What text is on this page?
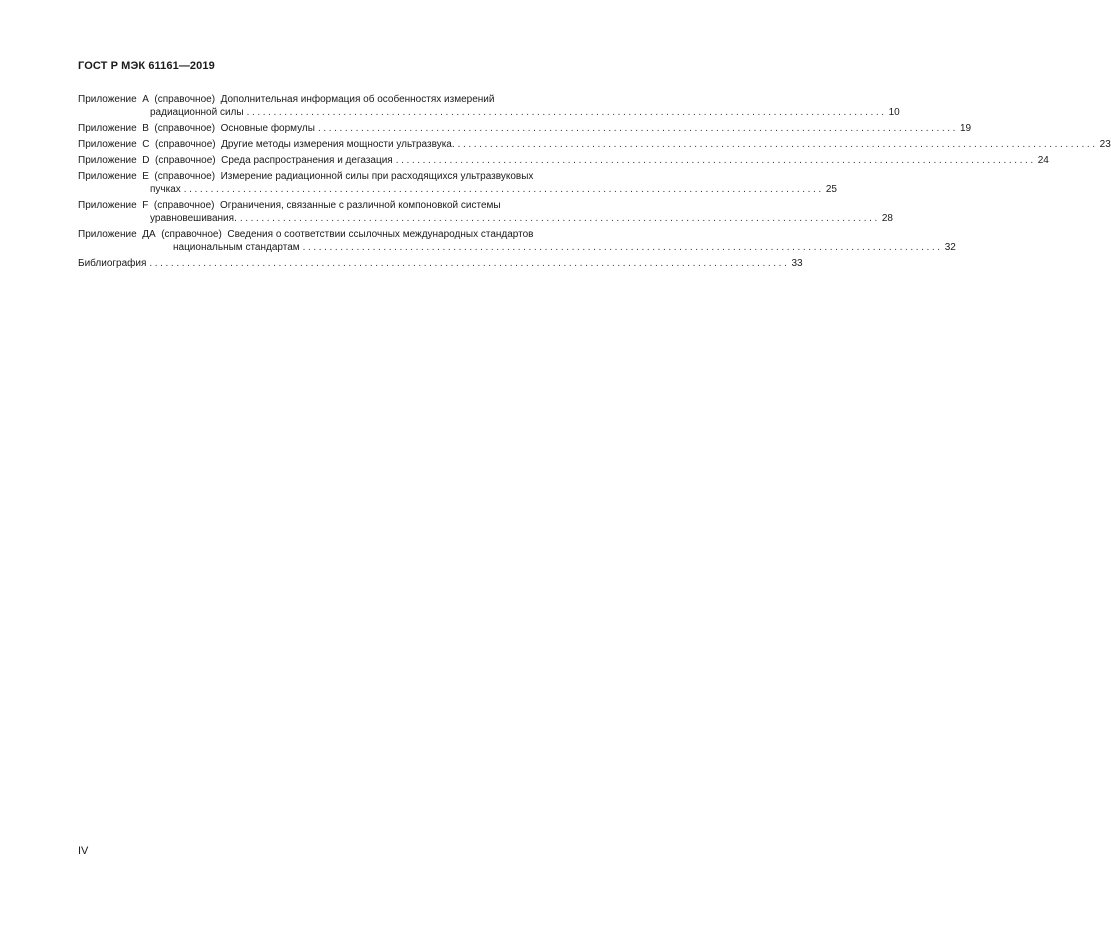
ГОСТ Р МЭК 61161—2019
Приложение  А  (справочное) Дополнительная информация об особенностях измерений
радиационной силы ....................................................................................................................... 10
Приложение  В  (справочное) Основные формулы ....................................................................................................................... 19
Приложение  С  (справочное) Другие методы измерения мощности ультразвука. ....................................................................................................................... 23
Приложение  D  (справочное) Среда распространения и дегазация ....................................................................................................................... 24
Приложение  Е  (справочное) Измерение радиационной силы при расходящихся ультразвуковых
пучках ....................................................................................................................... 25
Приложение  F  (справочное) Ограничения, связанные с различной компоновкой системы
уравновешивания. ....................................................................................................................... 28
Приложение  ДА  (справочное) Сведения о соответствии ссылочных международных стандартов
национальным стандартам ....................................................................................................................... 32
Библиография ....................................................................................................................... 33
IV
